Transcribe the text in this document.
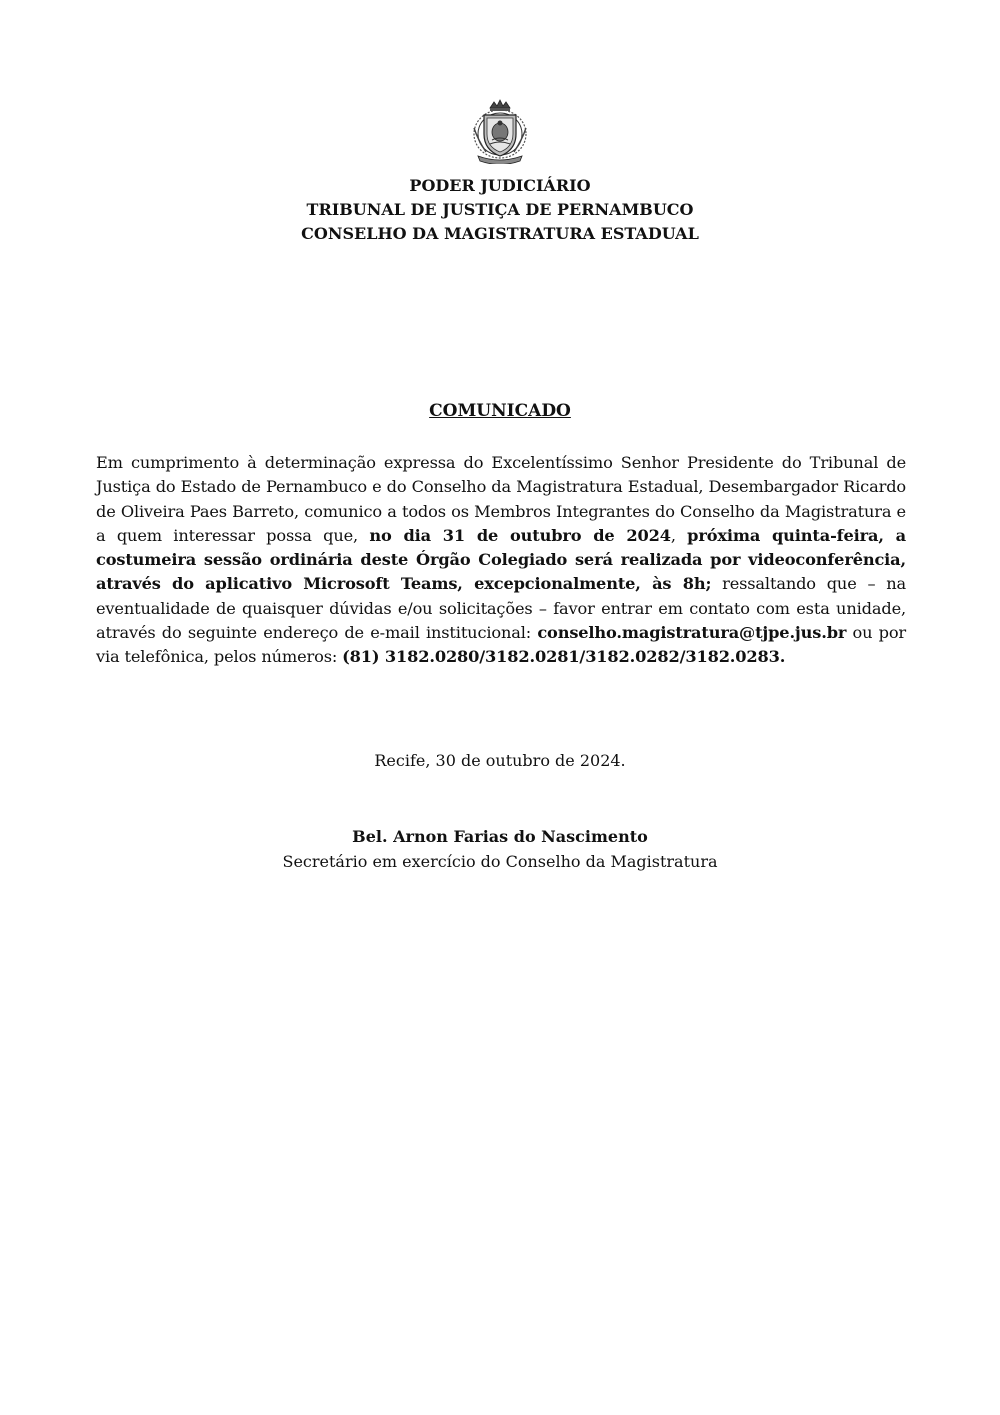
PODER JUDICIÁRIO
TRIBUNAL DE JUSTIÇA DE PERNAMBUCO
CONSELHO DA MAGISTRATURA ESTADUAL
COMUNICADO
Em cumprimento à determinação expressa do Excelentíssimo Senhor Presidente do Tribunal de Justiça do Estado de Pernambuco e do Conselho da Magistratura Estadual, Desembargador Ricardo de Oliveira Paes Barreto, comunico a todos os Membros Integrantes do Conselho da Magistratura e a quem interessar possa que, no dia 31 de outubro de 2024, próxima quinta-feira, a costumeira sessão ordinária deste Órgão Colegiado será realizada por videoconferência, através do aplicativo Microsoft Teams, excepcionalmente, às 8h; ressaltando que – na eventualidade de quaisquer dúvidas e/ou solicitações – favor entrar em contato com esta unidade, através do seguinte endereço de e-mail institucional: conselho.magistratura@tjpe.jus.br ou por via telefônica, pelos números: (81) 3182.0280/3182.0281/3182.0282/3182.0283.
Recife, 30 de outubro de 2024.
Bel. Arnon Farias do Nascimento
Secretário em exercício do Conselho da Magistratura
